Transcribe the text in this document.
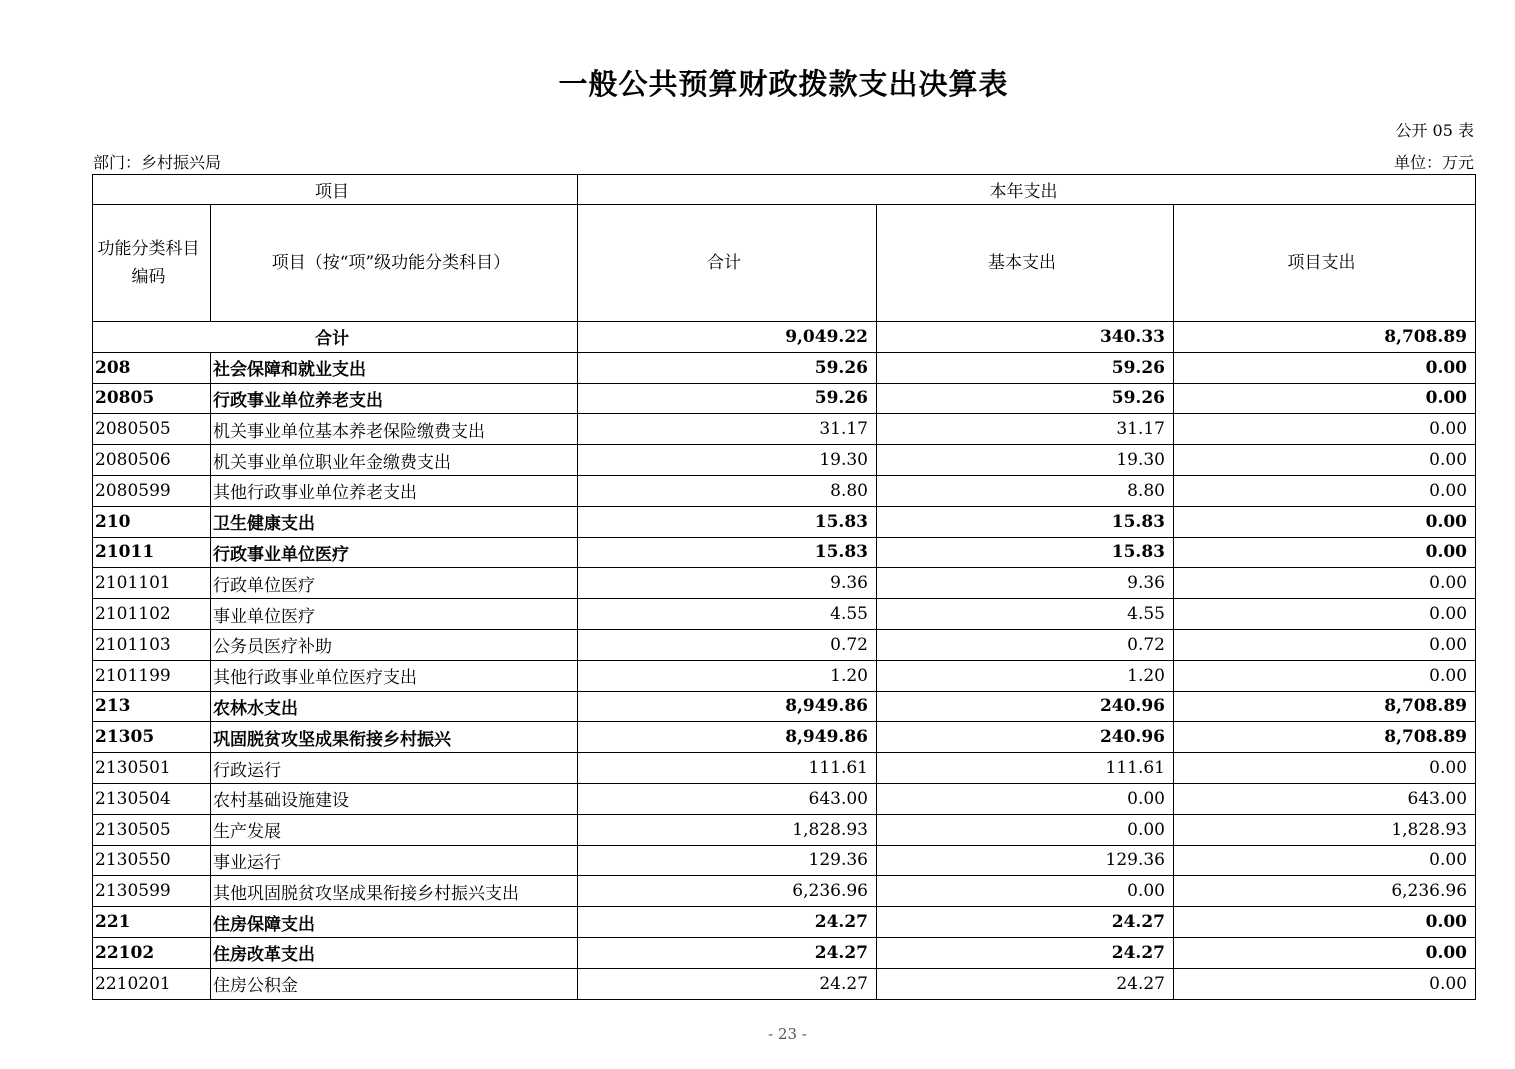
一般公共预算财政拨款支出决算表
公开 05 表
部门：乡村振兴局	单位：万元
项目		本年支出		
功能分类科目编码	项目（按“项”级功能分类科目）	合计	基本支出	项目支出
合计		9,049.22	340.33	8,708.89
208	社会保障和就业支出	59.26	59.26	0.00
20805	行政事业单位养老支出	59.26	59.26	0.00
2080505	机关事业单位基本养老保险缴费支出	31.17	31.17	0.00
2080506	机关事业单位职业年金缴费支出	19.30	19.30	0.00
2080599	其他行政事业单位养老支出	8.80	8.80	0.00
210	卫生健康支出	15.83	15.83	0.00
21011	行政事业单位医疗	15.83	15.83	0.00
2101101	行政单位医疗	9.36	9.36	0.00
2101102	事业单位医疗	4.55	4.55	0.00
2101103	公务员医疗补助	0.72	0.72	0.00
2101199	其他行政事业单位医疗支出	1.20	1.20	0.00
213	农林水支出	8,949.86	240.96	8,708.89
21305	巩固脱贫攻坚成果衔接乡村振兴	8,949.86	240.96	8,708.89
2130501	行政运行	111.61	111.61	0.00
2130504	农村基础设施建设	643.00	0.00	643.00
2130505	生产发展	1,828.93	0.00	1,828.93
2130550	事业运行	129.36	129.36	0.00
2130599	其他巩固脱贫攻坚成果衔接乡村振兴支出	6,236.96	0.00	6,236.96
221	住房保障支出	24.27	24.27	0.00
22102	住房改革支出	24.27	24.27	0.00
2210201	住房公积金	24.27	24.27	0.00
- 23 -
